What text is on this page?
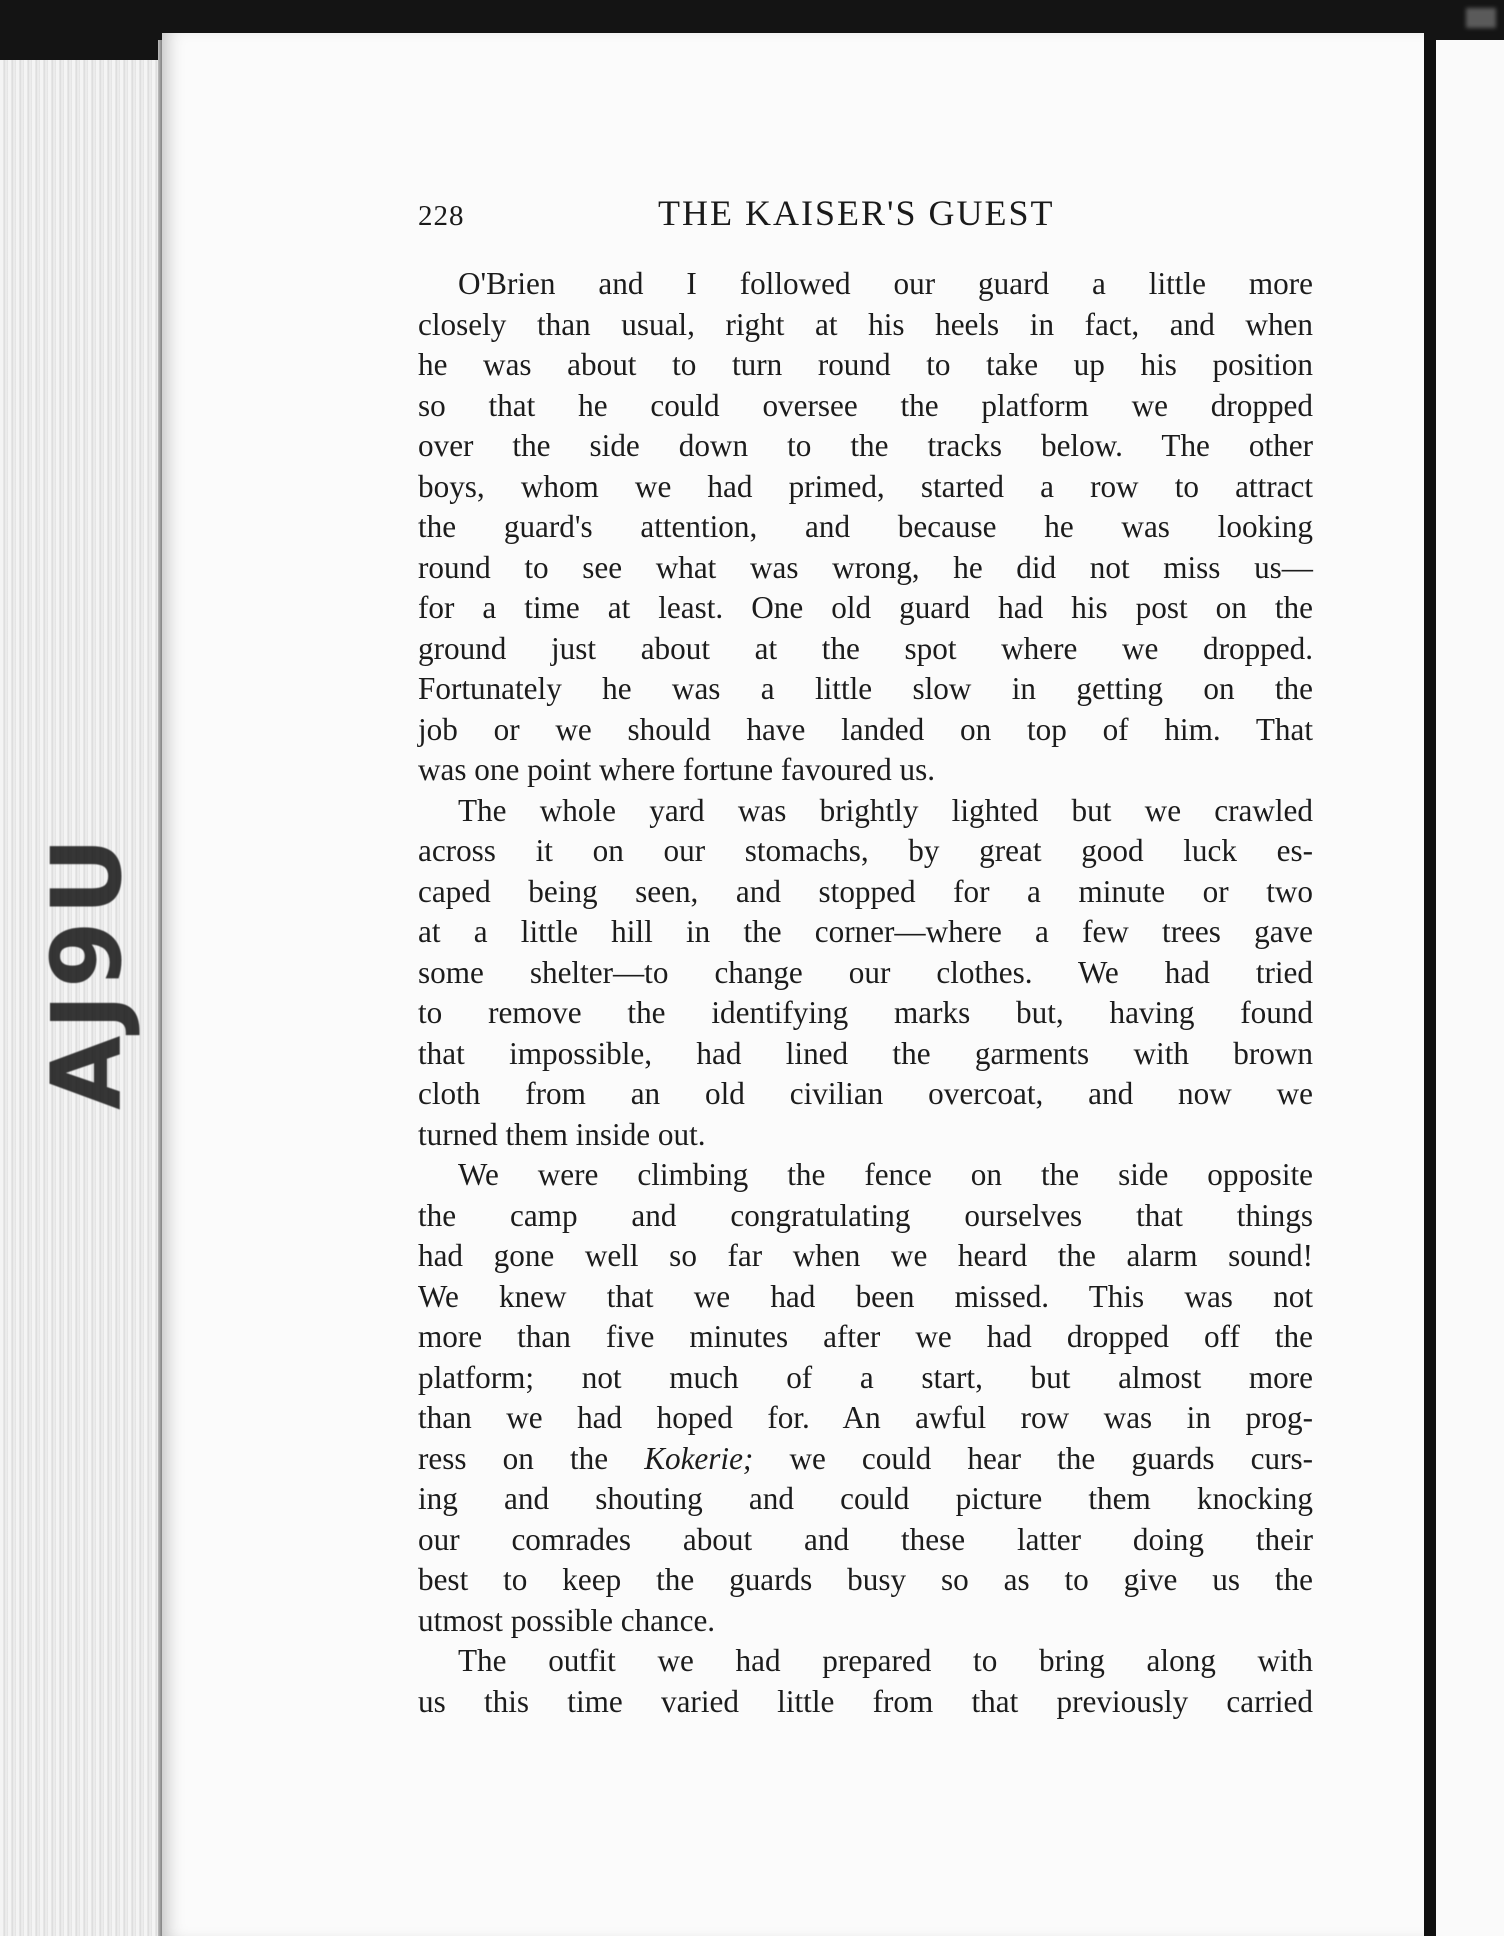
AJ9U
228	THE KAISER'S GUEST
O'Brien and I followed our guard a little more
closely than usual, right at his heels in fact, and when
he was about to turn round to take up his position
so that he could oversee the platform we dropped
over the side down to the tracks below. The other
boys, whom we had primed, started a row to attract
the guard's attention, and because he was looking
round to see what was wrong, he did not miss us—
for a time at least. One old guard had his post on the
ground just about at the spot where we dropped.
Fortunately he was a little slow in getting on the
job or we should have landed on top of him. That
was one point where fortune favoured us.
The whole yard was brightly lighted but we crawled
across it on our stomachs, by great good luck es-
caped being seen, and stopped for a minute or two
at a little hill in the corner—where a few trees gave
some shelter—to change our clothes. We had tried
to remove the identifying marks but, having found
that impossible, had lined the garments with brown
cloth from an old civilian overcoat, and now we
turned them inside out.
We were climbing the fence on the side opposite
the camp and congratulating ourselves that things
had gone well so far when we heard the alarm sound!
We knew that we had been missed. This was not
more than five minutes after we had dropped off the
platform; not much of a start, but almost more
than we had hoped for. An awful row was in prog-
ress on the Kokerie; we could hear the guards curs-
ing and shouting and could picture them knocking
our comrades about and these latter doing their
best to keep the guards busy so as to give us the
utmost possible chance.
The outfit we had prepared to bring along with
us this time varied little from that previously carried
